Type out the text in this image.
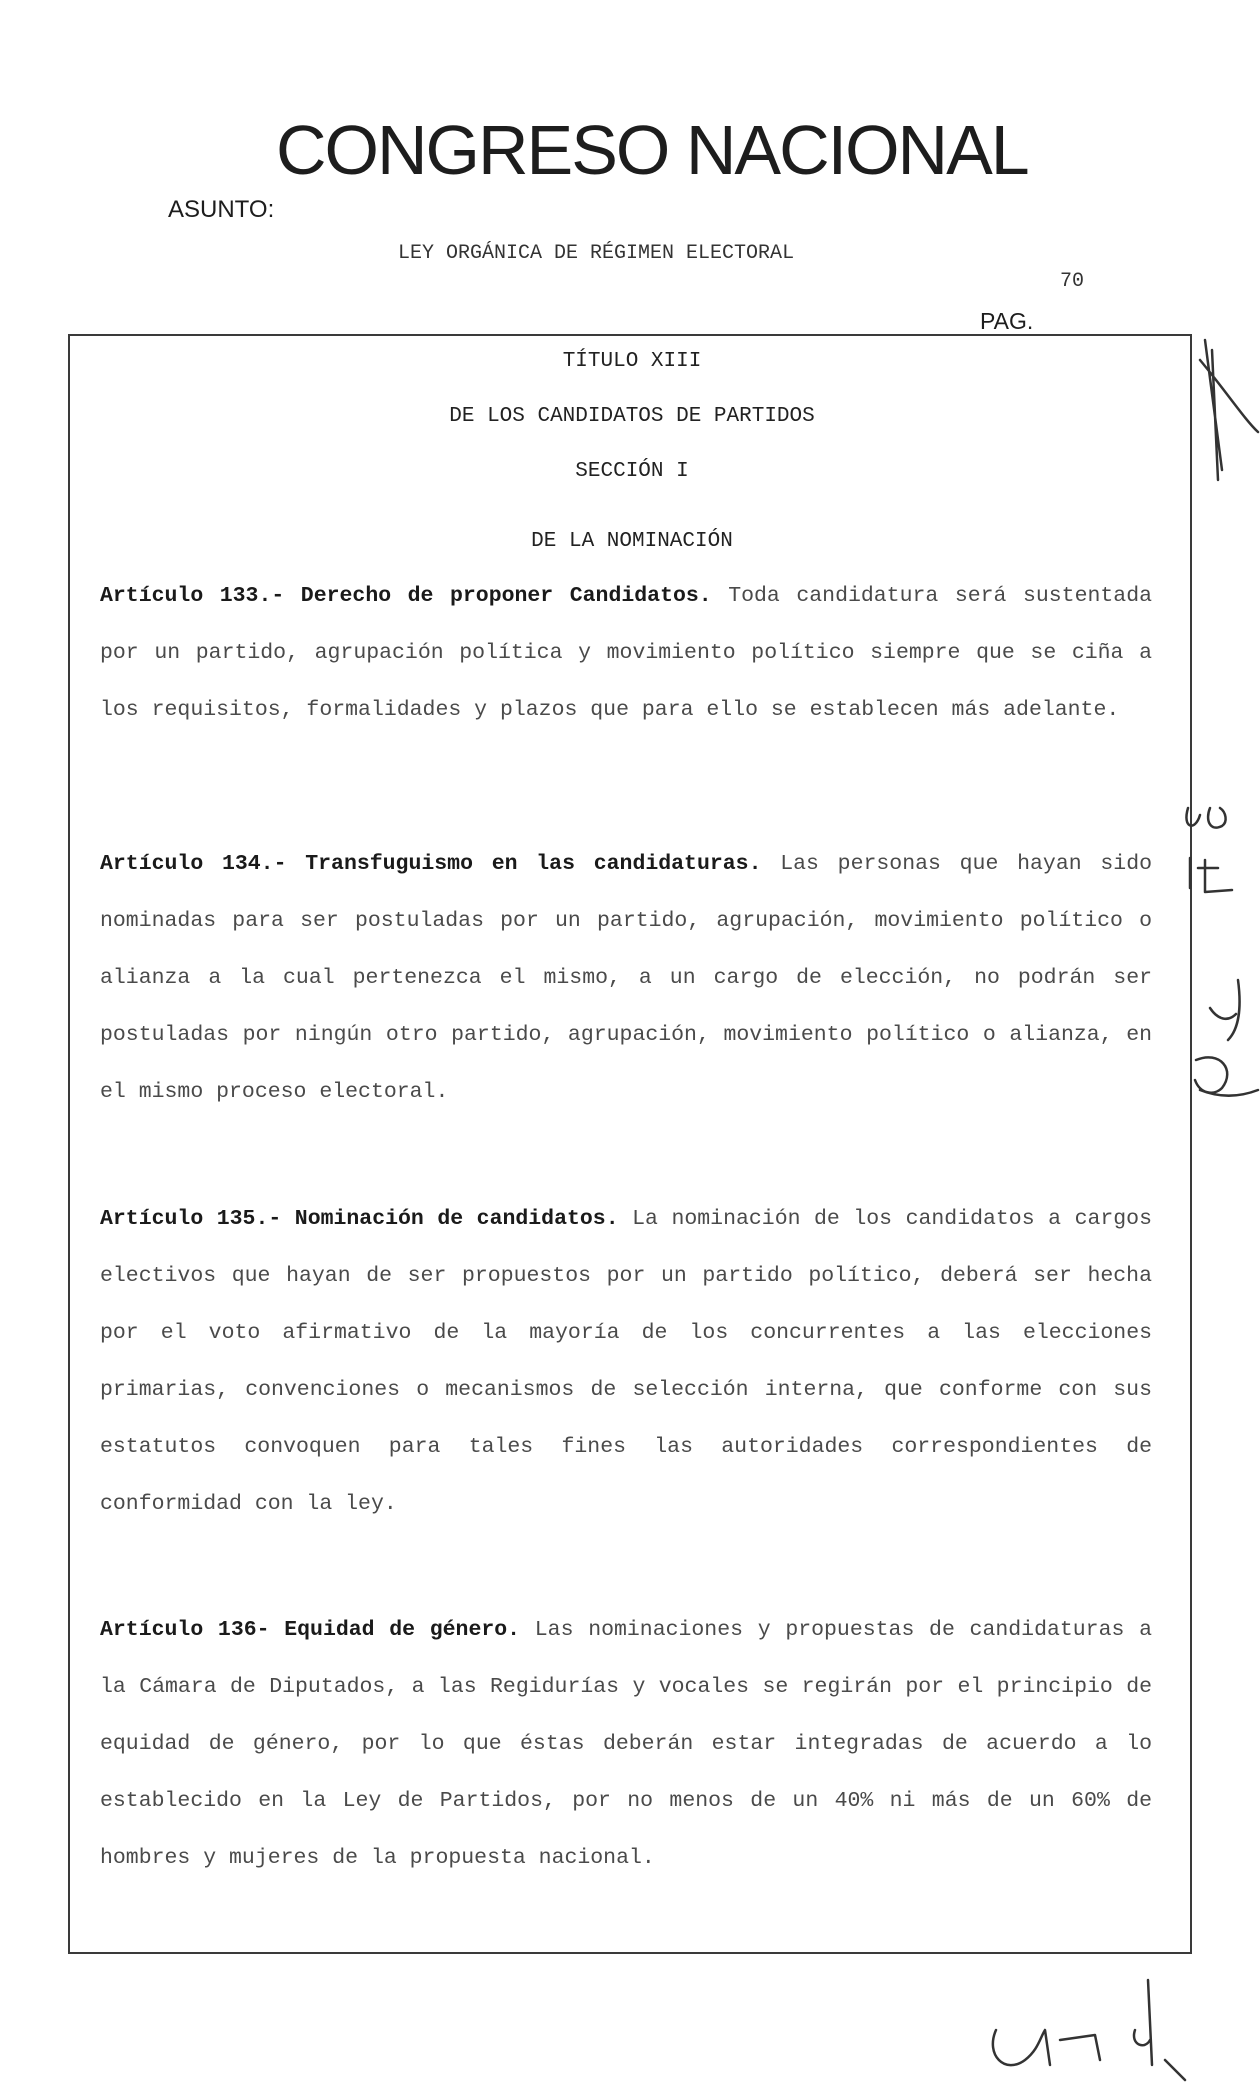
CONGRESO NACIONAL
ASUNTO:
LEY ORGÁNICA DE RÉGIMEN ELECTORAL
70
PAG.
TÍTULO XIII
DE LOS CANDIDATOS DE PARTIDOS
SECCIÓN I
DE LA NOMINACIÓN
Artículo 133.- Derecho de proponer Candidatos. Toda candidatura será sustentada por un partido, agrupación política y movimiento político siempre que se ciña a los requisitos, formalidades y plazos que para ello se establecen más adelante.
Artículo 134.- Transfuguismo en las candidaturas. Las personas que hayan sido nominadas para ser postuladas por un partido, agrupación, movimiento político o alianza a la cual pertenezca el mismo, a un cargo de elección, no podrán ser postuladas por ningún otro partido, agrupación, movimiento político o alianza, en el mismo proceso electoral.
Artículo 135.- Nominación de candidatos. La nominación de los candidatos a cargos electivos que hayan de ser propuestos por un partido político, deberá ser hecha por el voto afirmativo de la mayoría de los concurrentes a las elecciones primarias, convenciones o mecanismos de selección interna, que conforme con sus estatutos convoquen para tales fines las autoridades correspondientes de conformidad con la ley.
Artículo 136- Equidad de género. Las nominaciones y propuestas de candidaturas a la Cámara de Diputados, a las Regidurías y vocales se regirán por el principio de equidad de género, por lo que éstas deberán estar integradas de acuerdo a lo establecido en la Ley de Partidos, por no menos de un 40% ni más de un 60% de hombres y mujeres de la propuesta nacional.
